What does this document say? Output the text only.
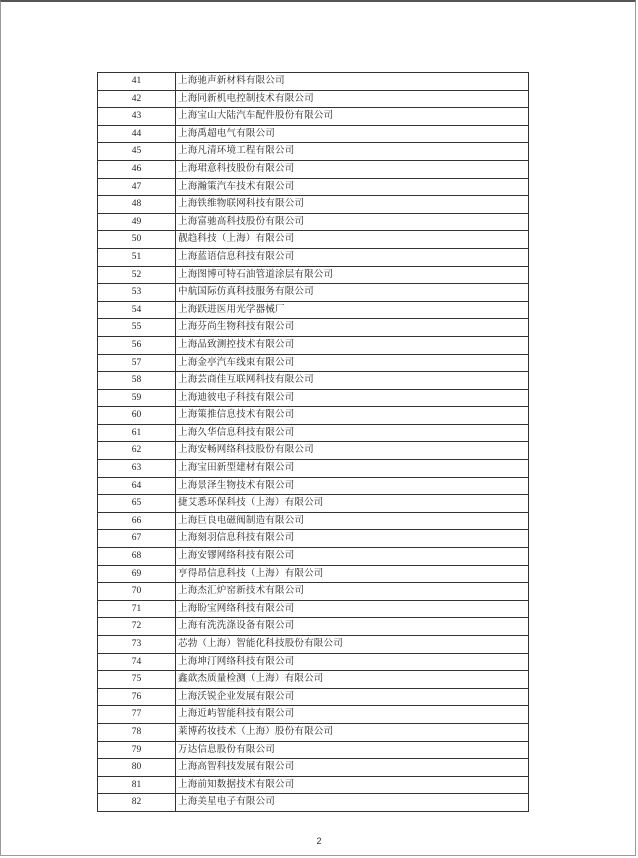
41	上海驰声新材料有限公司
42	上海同新机电控制技术有限公司
43	上海宝山大陆汽车配件股份有限公司
44	上海禹超电气有限公司
45	上海凡清环境工程有限公司
46	上海珺意科技股份有限公司
47	上海瀚策汽车技术有限公司
48	上海铁维物联网科技有限公司
49	上海富驰高科技股份有限公司
50	靓趋科技（上海）有限公司
51	上海蓝语信息科技有限公司
52	上海图博可特石油管道涂层有限公司
53	中航国际仿真科技服务有限公司
54	上海跃进医用光学器械厂
55	上海芬尚生物科技有限公司
56	上海品致测控技术有限公司
57	上海金亭汽车线束有限公司
58	上海芸商佳互联网科技有限公司
59	上海迪彼电子科技有限公司
60	上海策推信息技术有限公司
61	上海久华信息科技有限公司
62	上海安畅网络科技股份有限公司
63	上海宝田新型建材有限公司
64	上海景泽生物技术有限公司
65	捷艾悉环保科技（上海）有限公司
66	上海巨良电磁阀制造有限公司
67	上海刻羽信息科技有限公司
68	上海安镠网络科技有限公司
69	亨得昂信息科技（上海）有限公司
70	上海杰汇炉窑新技术有限公司
71	上海盼宝网络科技有限公司
72	上海有洗洗涤设备有限公司
73	芯勃（上海）智能化科技股份有限公司
74	上海坤汀网络科技有限公司
75	鑫歆杰质量检测（上海）有限公司
76	上海沃锐企业发展有限公司
77	上海近屿智能科技有限公司
78	莱博药妆技术（上海）股份有限公司
79	万达信息股份有限公司
80	上海高智科技发展有限公司
81	上海前知数据技术有限公司
82	上海美星电子有限公司
2
